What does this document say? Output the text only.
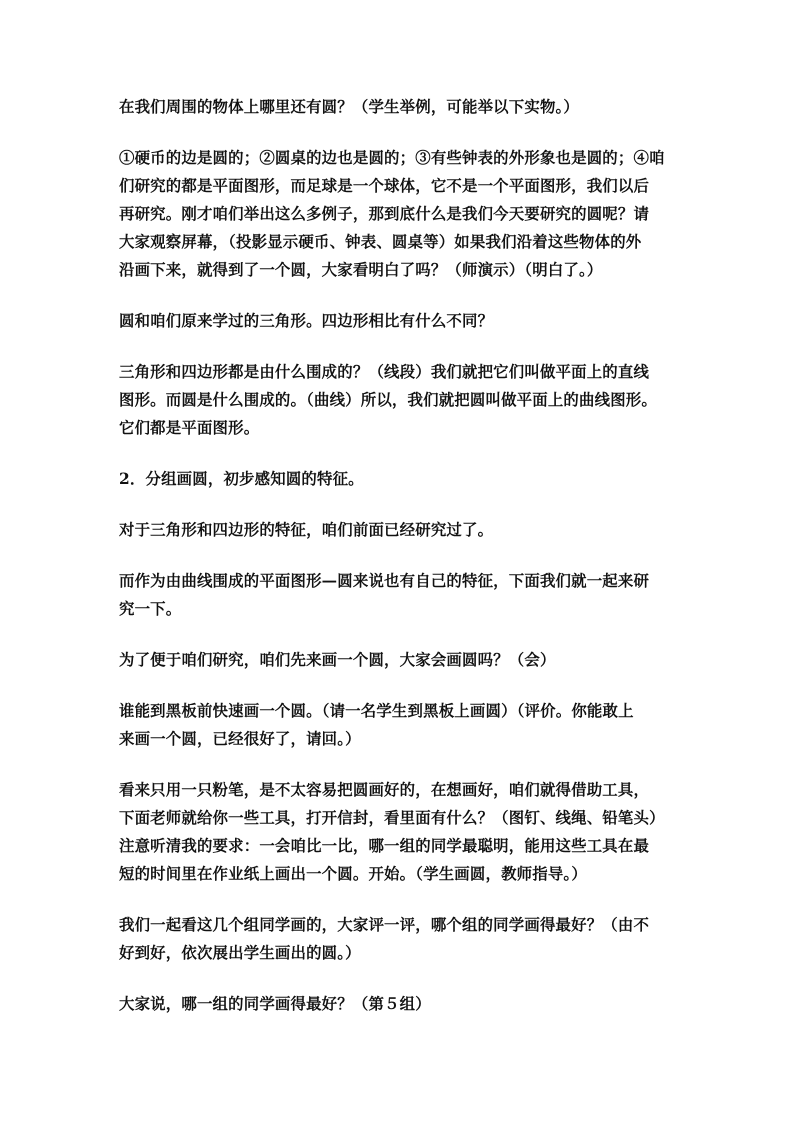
在我们周围的物体上哪里还有圆？（学生举例，可能举以下实物。）

①硬币的边是圆的；②圆桌的边也是圆的；③有些钟表的外形象也是圆的；④咱
们研究的都是平面图形，而足球是一个球体，它不是一个平面图形，我们以后
再研究。刚才咱们举出这么多例子，那到底什么是我们今天要研究的圆呢？请
大家观察屏幕，（投影显示硬币、钟表、圆桌等）如果我们沿着这些物体的外
沿画下来，就得到了一个圆，大家看明白了吗？（师演示）（明白了。）

圆和咱们原来学过的三角形。四边形相比有什么不同？

三角形和四边形都是由什么围成的？（线段）我们就把它们叫做平面上的直线
图形。而圆是什么围成的。（曲线）所以，我们就把圆叫做平面上的曲线图形。
它们都是平面图形。

2．分组画圆，初步感知圆的特征。

对于三角形和四边形的特征，咱们前面已经研究过了。

而作为由曲线围成的平面图形—圆来说也有自己的特征，下面我们就一起来研
究一下。

为了便于咱们研究，咱们先来画一个圆，大家会画圆吗？（会）

谁能到黑板前快速画一个圆。（请一名学生到黑板上画圆）（评价。你能敢上
来画一个圆，已经很好了，请回。）

看来只用一只粉笔，是不太容易把圆画好的，在想画好，咱们就得借助工具，
下面老师就给你一些工具，打开信封，看里面有什么？（图钉、线绳、铅笔头）
注意听清我的要求：一会咱比一比，哪一组的同学最聪明，能用这些工具在最
短的时间里在作业纸上画出一个圆。开始。（学生画圆，教师指导。）

我们一起看这几个组同学画的，大家评一评，哪个组的同学画得最好？（由不
好到好，依次展出学生画出的圆。）

大家说，哪一组的同学画得最好？（第５组）
